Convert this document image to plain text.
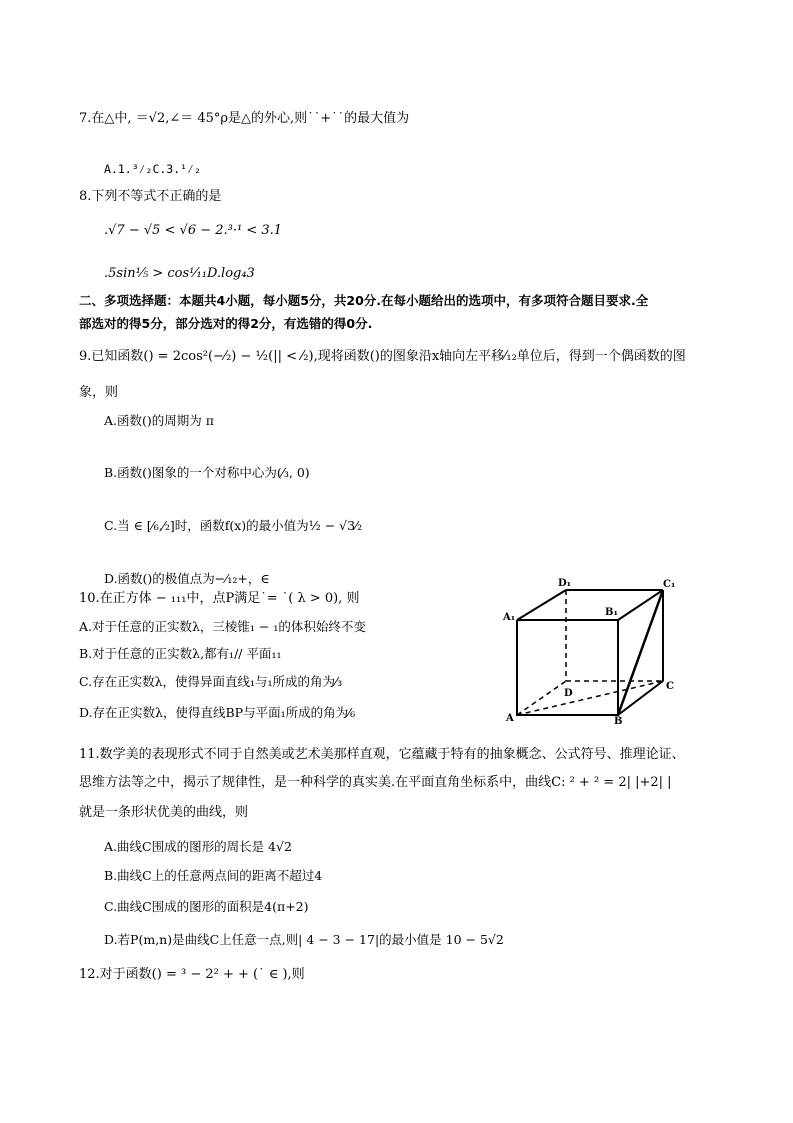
7.在△中, ＝√2,∠＝ 45°ρ是△的外心,则˙˙+˙˙的最大值为
A.1.³⁄₂C.3.¹⁄₂
8.下列不等式不正确的是
.√7 − √5 < √6 − 2.³·¹ < 3.1
.5sin¹⁄₅ > cos¹⁄₁₁D.log₄3
二、多项选择题：本题共4小题，每小题5分，共20分.在每小题给出的选项中，有多项符合题目要求.全
部选对的得5分，部分选对的得2分，有选错的得0分.
9.已知函数() = 2cos²(−⁄₂) − ¹⁄₂(|| < ⁄₂),现将函数()的图象沿x轴向左平移⁄₁₂单位后，得到一个偶函数的图
象，则
A.函数()的周期为 π
B.函数()图象的一个对称中心为(⁄₃, 0)
C.当 ∈ [⁄₆,⁄₂]时，函数f(x)的最小值为¹⁄₂ − √3⁄₂
D.函数()的极值点为−⁄₁₂+，∈
10.在正方体 − ₁₁₁中，点P满足˙= ˙( λ > 0), 则
A.对于任意的正实数λ，三棱锥₁ − ₁的体积始终不变
B.对于任意的正实数λ,都有₁// 平面₁₁
C.存在正实数λ，使得异面直线₁与₁所成的角为⁄₃
D.存在正实数λ，使得直线BP与平面₁所成的角为⁄₆
A₁	B₁
C₁
D₁
A	B
C
D
11.数学美的表现形式不同于自然美或艺术美那样直观，它蕴藏于特有的抽象概念、公式符号、推理论证、
思维方法等之中，揭示了规律性，是一种科学的真实美.在平面直角坐标系中，曲线C: ² + ² = 2| |+2| |
就是一条形状优美的曲线，则
A.曲线C围成的图形的周长是 4√2
B.曲线C上的任意两点间的距离不超过4
C.曲线C围成的图形的面积是4(π+2)
D.若P(m,n)是曲线C上任意一点,则| 4 − 3 − 17|的最小值是 10 − 5√2
12.对于函数() = ³ − 2² + + (˙ ∈ ),则
